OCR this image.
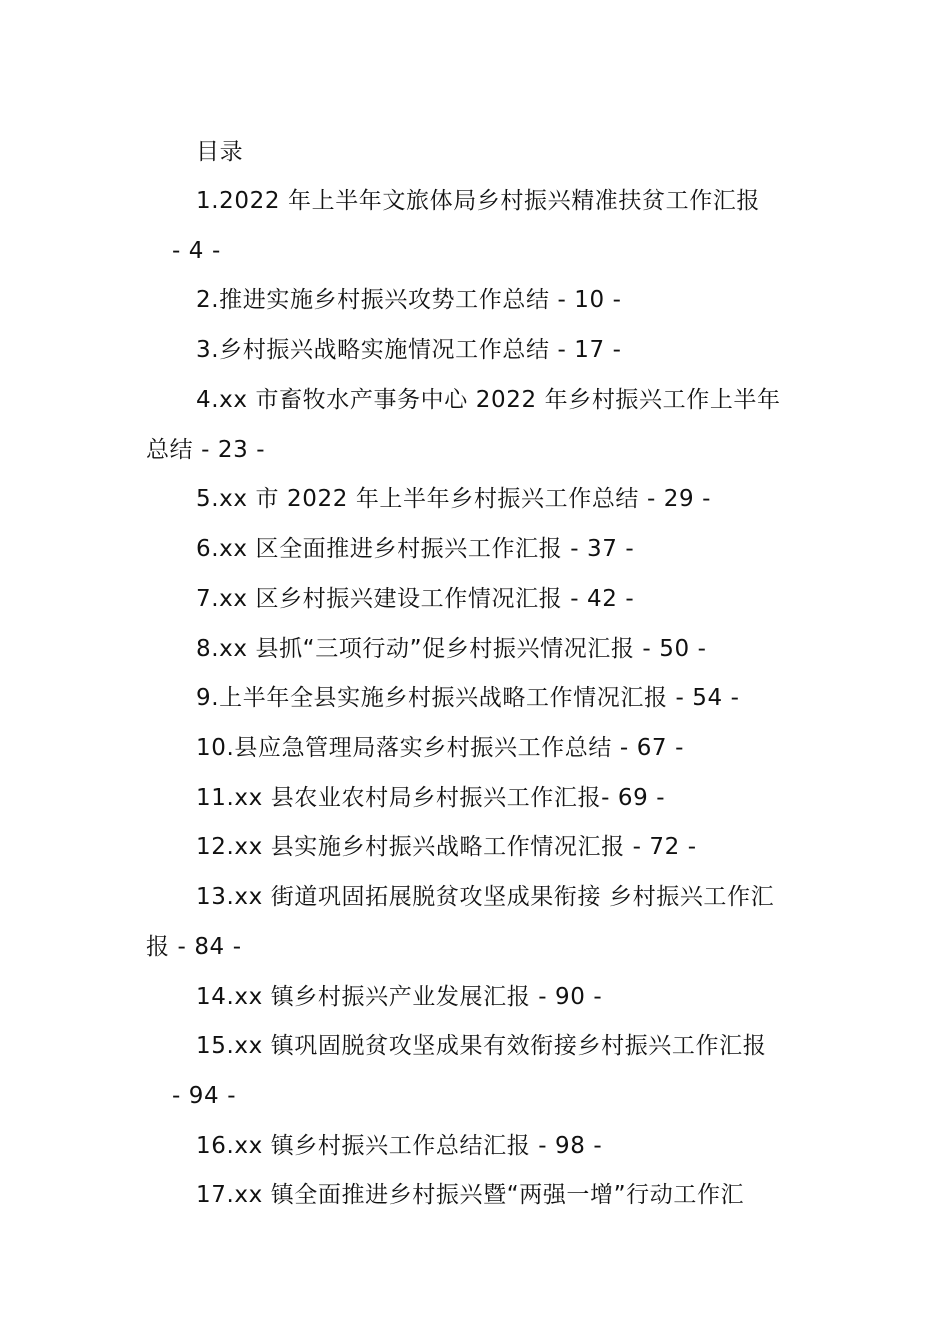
目录
1.2022 年上半年文旅体局乡村振兴精准扶贫工作汇报
- 4 -
2.推进实施乡村振兴攻势工作总结 - 10 -
3.乡村振兴战略实施情况工作总结 - 17 -
4.xx 市畜牧水产事务中心 2022 年乡村振兴工作上半年
总结 - 23 -
5.xx 市 2022 年上半年乡村振兴工作总结 - 29 -
6.xx 区全面推进乡村振兴工作汇报 - 37 -
7.xx 区乡村振兴建设工作情况汇报 - 42 -
8.xx 县抓“三项行动”促乡村振兴情况汇报 - 50 -
9.上半年全县实施乡村振兴战略工作情况汇报 - 54 -
10.县应急管理局落实乡村振兴工作总结 - 67 -
11.xx 县农业农村局乡村振兴工作汇报- 69 -
12.xx 县实施乡村振兴战略工作情况汇报 - 72 -
13.xx 街道巩固拓展脱贫攻坚成果衔接 乡村振兴工作汇
报 - 84 -
14.xx 镇乡村振兴产业发展汇报 - 90 -
15.xx 镇巩固脱贫攻坚成果有效衔接乡村振兴工作汇报
- 94 -
16.xx 镇乡村振兴工作总结汇报 - 98 -
17.xx 镇全面推进乡村振兴暨“两强一增”行动工作汇
